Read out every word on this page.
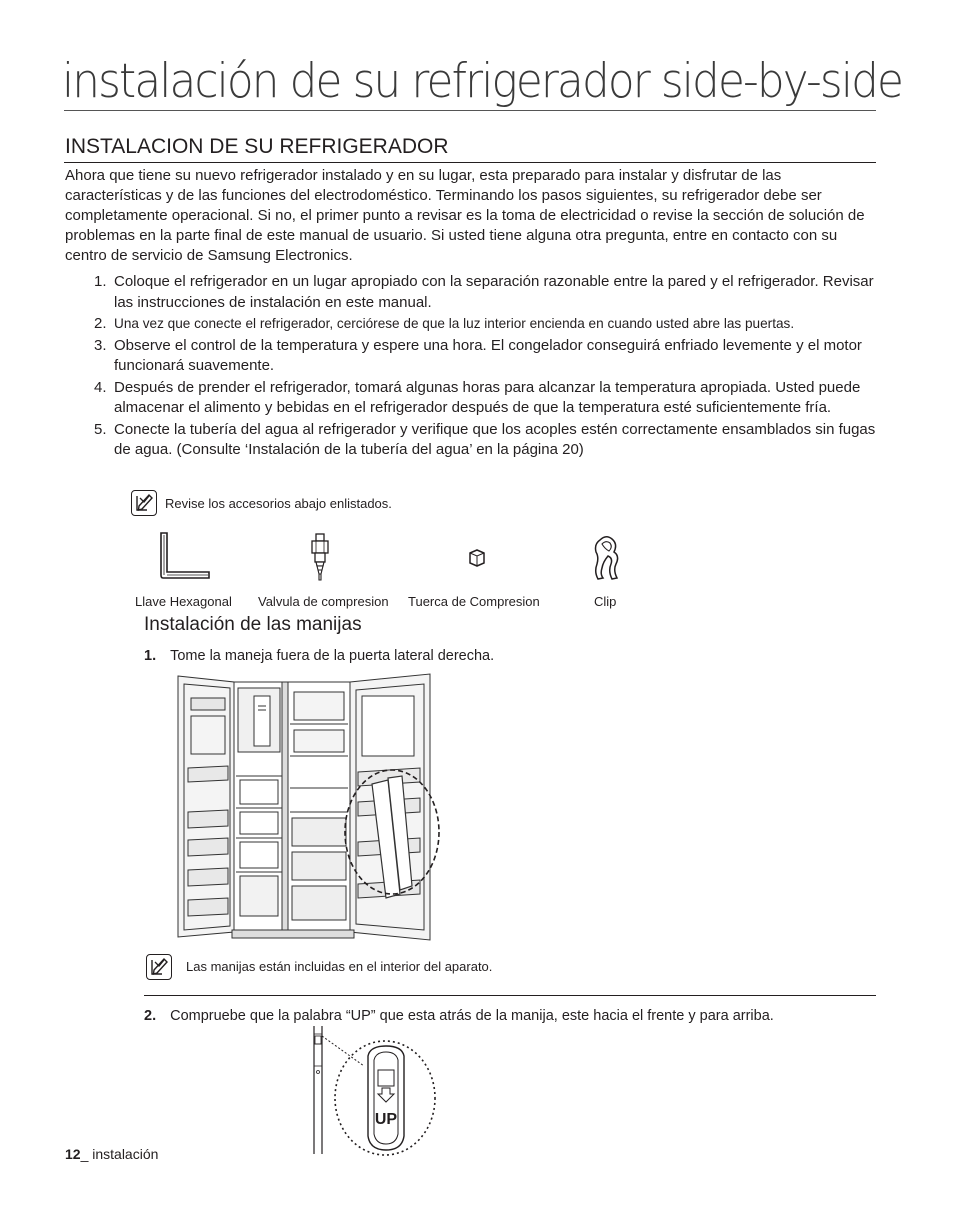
instalación de su refrigerador side-by-side
INSTALACION DE SU REFRIGERADOR
Ahora que tiene su nuevo refrigerador instalado y en su lugar, esta preparado para instalar y disfrutar de las características y de las funciones del electrodoméstico. Terminando los pasos siguientes, su refrigerador debe ser completamente operacional. Si no, el primer punto a revisar es la toma de electricidad o revise la sección de solución de problemas en la parte final de este manual de usuario. Si usted tiene alguna otra pregunta, entre en contacto con su centro de servicio de Samsung Electronics.
1. Coloque el refrigerador en un lugar apropiado con la separación razonable entre la pared y el refrigerador. Revisar las instrucciones de instalación en este manual.
2. Una vez que conecte el refrigerador, cerciórese de que la luz interior encienda en cuando usted abre las puertas.
3. Observe el control de la temperatura y espere una hora. El congelador conseguirá enfriado levemente y el motor funcionará suavemente.
4. Después de prender el refrigerador, tomará algunas horas para alcanzar la temperatura apropiada. Usted puede almacenar el alimento y bebidas en el refrigerador después de que la temperatura esté suficientemente fría.
5. Conecte la tubería del agua al refrigerador y verifique que los acoples estén correctamente ensamblados sin fugas de agua. (Consulte ‘Instalación de la tubería del agua’ en la página 20)
Revise los accesorios abajo enlistados.
Llave Hexagonal Valvula de compresion Tuerca de Compresion	Clip
Instalación de las manijas
1. Tome la maneja fuera de la puerta lateral derecha.
Las manijas están incluidas en el interior del aparato.
2. Compruebe que la palabra “UP” que esta atrás de la manija, este hacia el frente y para arriba.
UP
12_ instalación
